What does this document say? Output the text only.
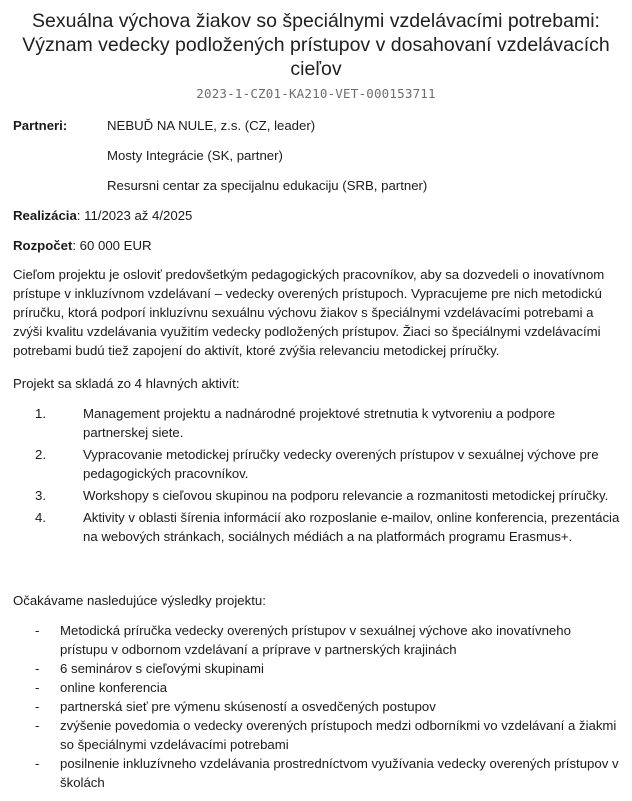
Sexuálna výchova žiakov so špeciálnymi vzdelávacími potrebami: Význam vedecky podložených prístupov v dosahovaní vzdelávacích cieľov
2023-1-CZ01-KA210-VET-000153711
Partneri:	NEBUĎ NA NULE, z.s. (CZ, leader)
Mosty Integrácie (SK, partner)
Resursni centar za specijalnu edukaciju (SRB, partner)
Realizácia: 11/2023 až 4/2025
Rozpočet: 60 000 EUR
Cieľom projektu je osloviť predovšetkým pedagogických pracovníkov, aby sa dozvedeli o inovatívnom prístupe v inkluzívnom vzdelávaní – vedecky overených prístupoch. Vypracujeme pre nich metodickú príručku, ktorá podporí inkluzívnu sexuálnu výchovu žiakov s špeciálnymi vzdelávacími potrebami a zvýši kvalitu vzdelávania využitím vedecky podložených prístupov. Žiaci so špeciálnymi vzdelávacími potrebami budú tiež zapojení do aktivít, ktoré zvýšia relevanciu metodickej príručky.
Projekt sa skladá zo 4 hlavných aktivít:
1.	Management projektu a nadnárodné projektové stretnutia k vytvoreniu a podpore partnerskej siete.
2.	Vypracovanie metodickej príručky vedecky overených prístupov v sexuálnej výchove pre pedagogických pracovníkov.
3.	Workshopy s cieľovou skupinou na podporu relevancie a rozmanitosti metodickej príručky.
4.	Aktivity v oblasti šírenia informácií ako rozposlanie e-mailov, online konferencia, prezentácia na webových stránkach, sociálnych médiách a na platformách programu Erasmus+.
Očakávame nasledujúce výsledky projektu:
- Metodická príručka vedecky overených prístupov v sexuálnej výchove ako inovatívneho prístupu v odbornom vzdelávaní a príprave v partnerských krajinách
- 6 seminárov s cieľovými skupinami
- online konferencia
- partnerská sieť pre výmenu skúseností a osvedčených postupov
- zvýšenie povedomia o vedecky overených prístupoch medzi odborníkmi vo vzdelávaní a žiakmi so špeciálnymi vzdelávacími potrebami
- posilnenie inkluzívneho vzdelávania prostredníctvom využívania vedecky overených prístupov v školách
